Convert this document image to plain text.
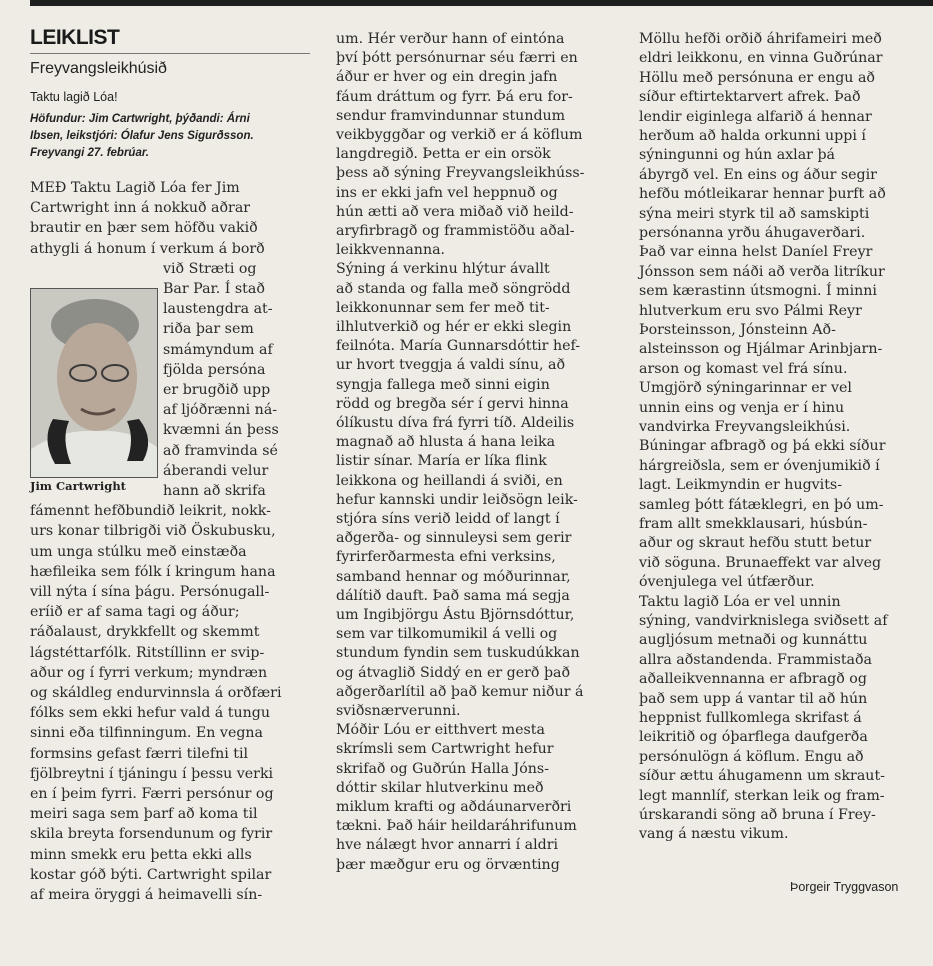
LEIKLIST
Freyvangsleikhúsið
Taktu lagið Lóa!
Höfundur: Jim Cartwright, þýðandi: Árni
Ibsen, leikstjóri: Ólafur Jens Sigurðsson.
Freyvangi 27. febrúar.
Jim Cartwright
MEÐ Taktu Lagið Lóa fer Jim
Cartwright inn á nokkuð aðrar
brautir en þær sem höfðu vakið
athygli á honum í verkum á borð
við Stræti og
Bar Par. Í stað
laustengdra at-
riða þar sem
smámyndum af
fjölda persóna
er brugðið upp
af ljóðrænni ná-
kvæmni án þess
að framvinda sé
áberandi velur
hann að skrifa
fámennt hefðbundið leikrit, nokk-
urs konar tilbrigði við Öskubusku,
um unga stúlku með einstæða
hæfileika sem fólk í kringum hana
vill nýta í sína þágu. Persónugall-
eríið er af sama tagi og áður;
ráðalaust, drykkfellt og skemmt
lágstéttarfólk. Ritstíllinn er svip-
aður og í fyrri verkum; myndræn
og skáldleg endurvinnsla á orðfæri
fólks sem ekki hefur vald á tungu
sinni eða tilfinningum. En vegna
formsins gefast færri tilefni til
fjölbreytni í tjáningu í þessu verki
en í þeim fyrri. Færri persónur og
meiri saga sem þarf að koma til
skila breyta forsendunum og fyrir
minn smekk eru þetta ekki alls
kostar góð býti. Cartwright spilar
af meira öryggi á heimavelli sín-
um. Hér verður hann of eintóna
því þótt persónurnar séu færri en
áður er hver og ein dregin jafn
fáum dráttum og fyrr. Þá eru for-
sendur framvindunnar stundum
veikbyggðar og verkið er á köflum
langdregið. Þetta er ein orsök
þess að sýning Freyvangsleikhúss-
ins er ekki jafn vel heppnuð og
hún ætti að vera miðað við heild-
aryfirbragð og frammistöðu aðal-
leikkvennanna.
Sýning á verkinu hlýtur ávallt
að standa og falla með söngrödd
leikkonunnar sem fer með tit-
ilhlutverkið og hér er ekki slegin
feilnóta. María Gunnarsdóttir hef-
ur hvort tveggja á valdi sínu, að
syngja fallega með sinni eigin
rödd og bregða sér í gervi hinna
ólíkustu díva frá fyrri tíð. Aldeilis
magnað að hlusta á hana leika
listir sínar. María er líka flink
leikkona og heillandi á sviði, en
hefur kannski undir leiðsögn leik-
stjóra síns verið leidd of langt í
aðgerða- og sinnuleysi sem gerir
fyrirferðarmesta efni verksins,
samband hennar og móðurinnar,
dálítið dauft. Það sama má segja
um Ingibjörgu Ástu Björnsdóttur,
sem var tilkomumikil á velli og
stundum fyndin sem tuskudúkkan
og átvaglið Siddý en er gerð það
aðgerðarlítil að það kemur niður á
sviðsnærverunni.
Móðir Lóu er eitthvert mesta
skrímsli sem Cartwright hefur
skrifað og Guðrún Halla Jóns-
dóttir skilar hlutverkinu með
miklum krafti og aðdáunarverðri
tækni. Það háir heildaráhrifunum
hve nálægt hvor annarri í aldri
þær mæðgur eru og örvænting
Möllu hefði orðið áhrifameiri með
eldri leikkonu, en vinna Guðrúnar
Höllu með persónuna er engu að
síður eftirtektarvert afrek. Það
lendir eiginlega alfarið á hennar
herðum að halda orkunni uppi í
sýningunni og hún axlar þá
ábyrgð vel. En eins og áður segir
hefðu mótleikarar hennar þurft að
sýna meiri styrk til að samskipti
persónanna yrðu áhugaverðari.
Það var einna helst Daníel Freyr
Jónsson sem náði að verða litríkur
sem kærastinn útsmogni. Í minni
hlutverkum eru svo Pálmi Reyr
Þorsteinsson, Jónsteinn Að-
alsteinsson og Hjálmar Arinbjarn-
arson og komast vel frá sínu.
Umgjörð sýningarinnar er vel
unnin eins og venja er í hinu
vandvirka Freyvangsleikhúsi.
Búningar afbragð og þá ekki síður
hárgreiðsla, sem er óvenjumikið í
lagt. Leikmyndin er hugvits-
samleg þótt fátæklegri, en þó um-
fram allt smekklausari, húsbún-
aður og skraut hefðu stutt betur
við söguna. Brunaeffekt var alveg
óvenjulega vel útfærður.
Taktu lagið Lóa er vel unnin
sýning, vandvirknislega sviðsett af
augljósum metnaði og kunnáttu
allra aðstandenda. Frammistaða
aðalleikvennanna er afbragð og
það sem upp á vantar til að hún
heppnist fullkomlega skrifast á
leikritið og óþarflega daufgerða
persónulögn á köflum. Engu að
síður ættu áhugamenn um skraut-
legt mannlíf, sterkan leik og fram-
úrskarandi söng að bruna í Frey-
vang á næstu vikum.
Þorgeir Tryggvason
